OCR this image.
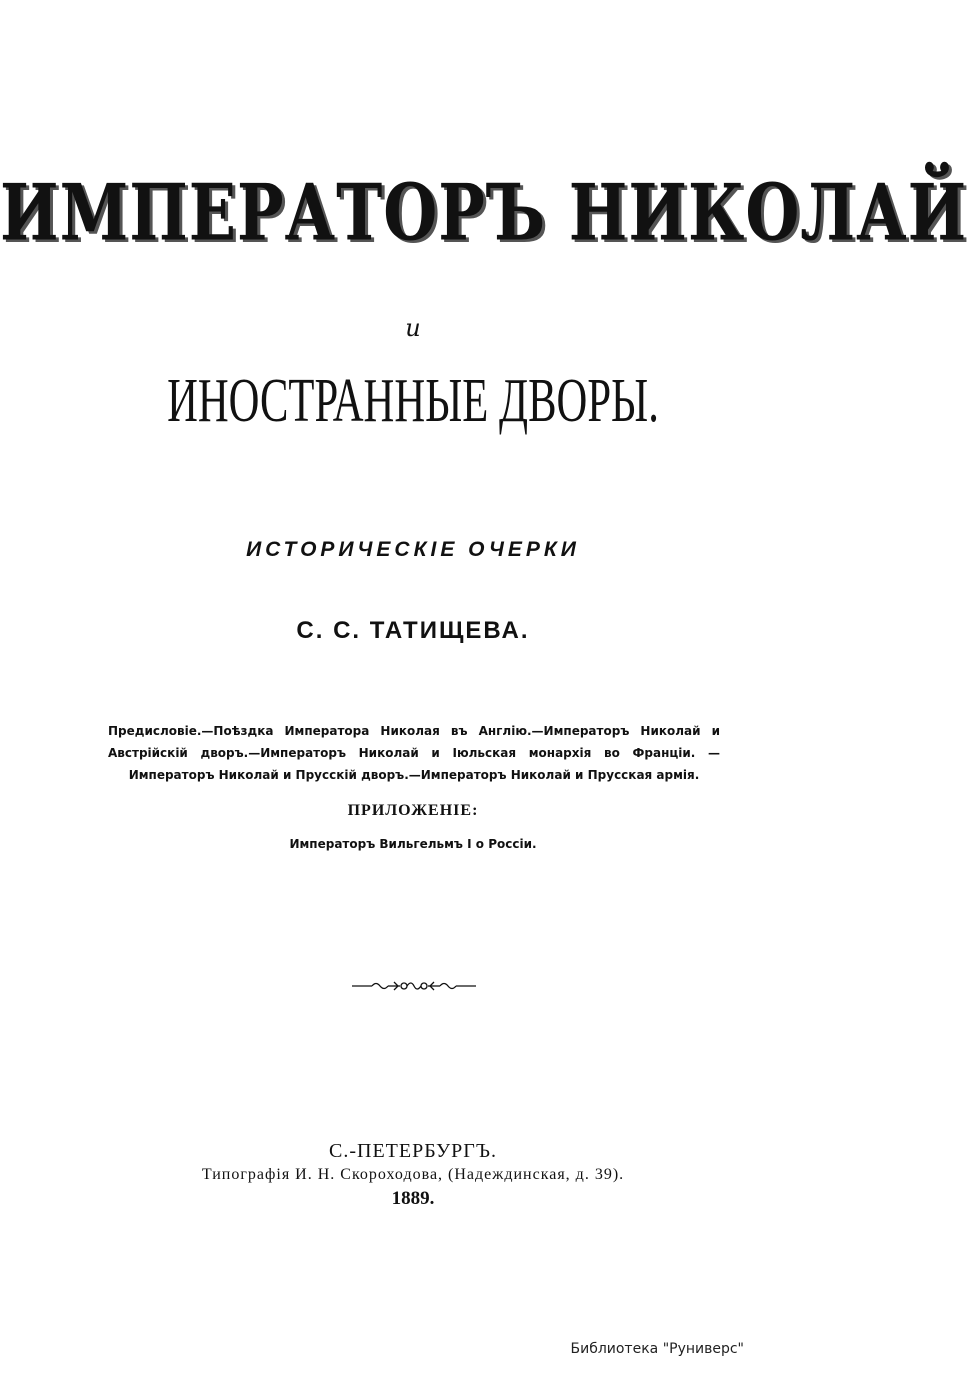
ИМПЕРАТОРЪ НИКОЛАЙ
и
ИНОСТРАННЫЕ ДВОРЫ.
ИСТОРИЧЕСКІЕ ОЧЕРКИ
С. С. ТАТИЩЕВА.
Предисловіе.—Поѣздка Императора Николая въ Англію.—Императоръ Николай и Австрійскій дворъ.—Императоръ Николай и Іюльская монархія во Франціи. — Императоръ Николай и Прусскій дворъ.—Императоръ Николай и Прусская армія.
ПРИЛОЖЕНІЕ:
Императоръ Вильгельмъ I о Россіи.
С.-ПЕТЕРБУРГЪ.
Типографія И. Н. Скороходова, (Надеждинская, д. 39).
1889.
Библиотека "Руниверс"
